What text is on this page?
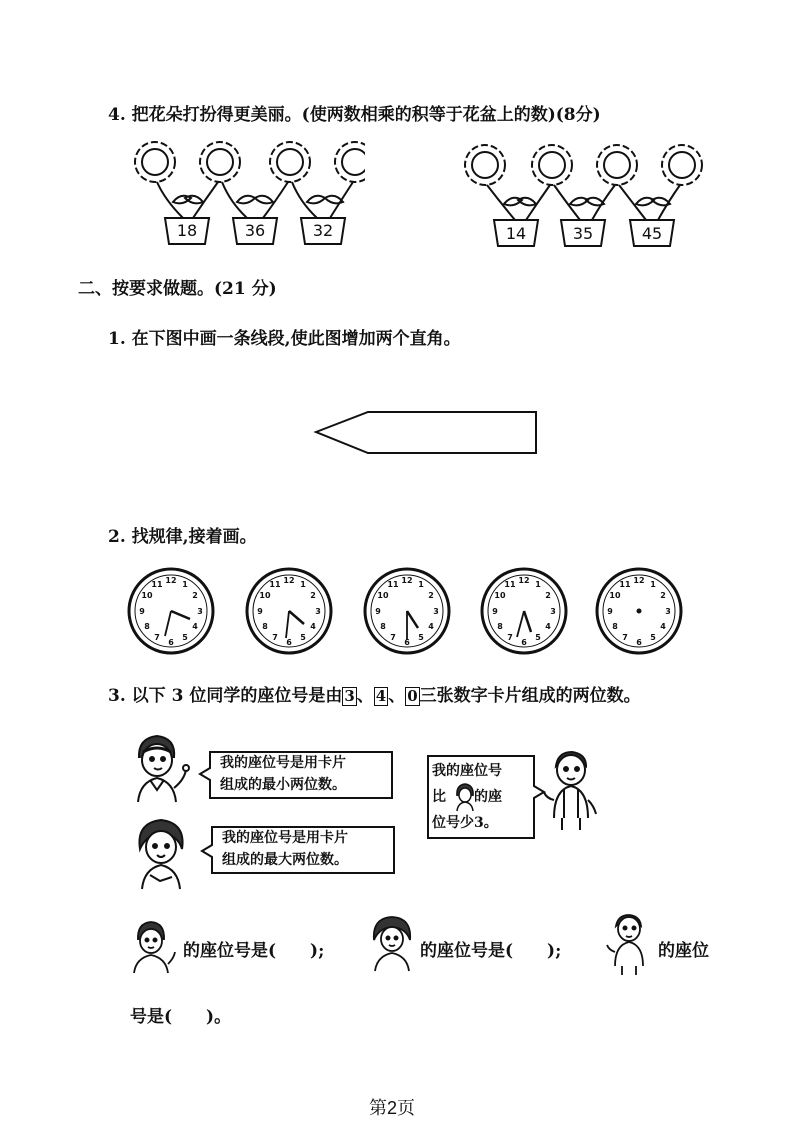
4. 把花朵打扮得更美丽。(使两数相乘的积等于花盆上的数)(8分)
18	36	32	14	35	45
二、按要求做题。(21 分)
1. 在下图中画一条线段,使此图增加两个直角。
2. 找规律,接着画。
12 1
2
3
4
5
6
7
8
9
10
11	12 1
2
3
4
5
6
7
8
9
10
11	12 1
2
3
4
5
6
7
8
9
10
11	12 1
2
3
4
5
6
7
8
9
10
11	12 1
2
3
4
5
6
7
8
9
10
11
3. 以下 3 位同学的座位号是由 3 、 4 、 0 三张数字卡片组成的两位数。
我的座位号是用卡片
组成的最小两位数。
我的座位号是用卡片
组成的最大两位数。
我的座位号
比 的座
位号少3。
的座位号是(　　);	的座位号是(　　);	的座位
号是(　　)。
第2页
